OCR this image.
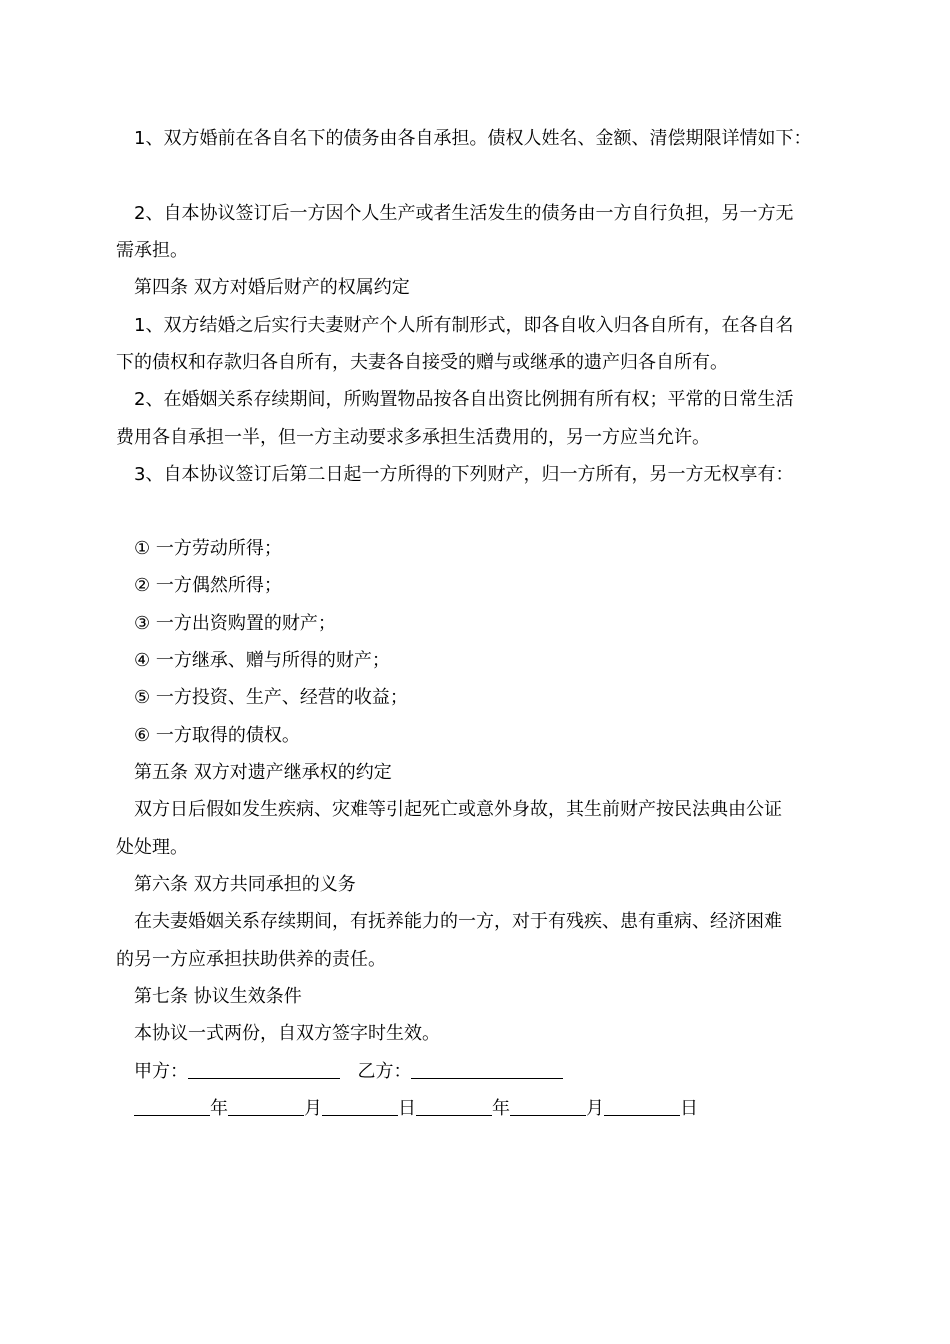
1、双方婚前在各自名下的债务由各自承担。债权人姓名、金额、清偿期限详情如下：
2、自本协议签订后一方因个人生产或者生活发生的债务由一方自行负担，另一方无
需承担。
第四条 双方对婚后财产的权属约定
1、双方结婚之后实行夫妻财产个人所有制形式，即各自收入归各自所有，在各自名
下的债权和存款归各自所有，夫妻各自接受的赠与或继承的遗产归各自所有。
2、在婚姻关系存续期间，所购置物品按各自出资比例拥有所有权；平常的日常生活
费用各自承担一半，但一方主动要求多承担生活费用的，另一方应当允许。
3、自本协议签订后第二日起一方所得的下列财产，归一方所有，另一方无权享有：
① 一方劳动所得；
② 一方偶然所得；
③ 一方出资购置的财产；
④ 一方继承、赠与所得的财产；
⑤ 一方投资、生产、经营的收益；
⑥ 一方取得的债权。
第五条 双方对遗产继承权的约定
双方日后假如发生疾病、灾难等引起死亡或意外身故，其生前财产按民法典由公证
处处理。
第六条 双方共同承担的义务
在夫妻婚姻关系存续期间，有抚养能力的一方，对于有残疾、患有重病、经济困难
的另一方应承担扶助供养的责任。
第七条 协议生效条件
本协议一式两份，自双方签字时生效。
甲方：	乙方：
年	月	日	年	月	日
